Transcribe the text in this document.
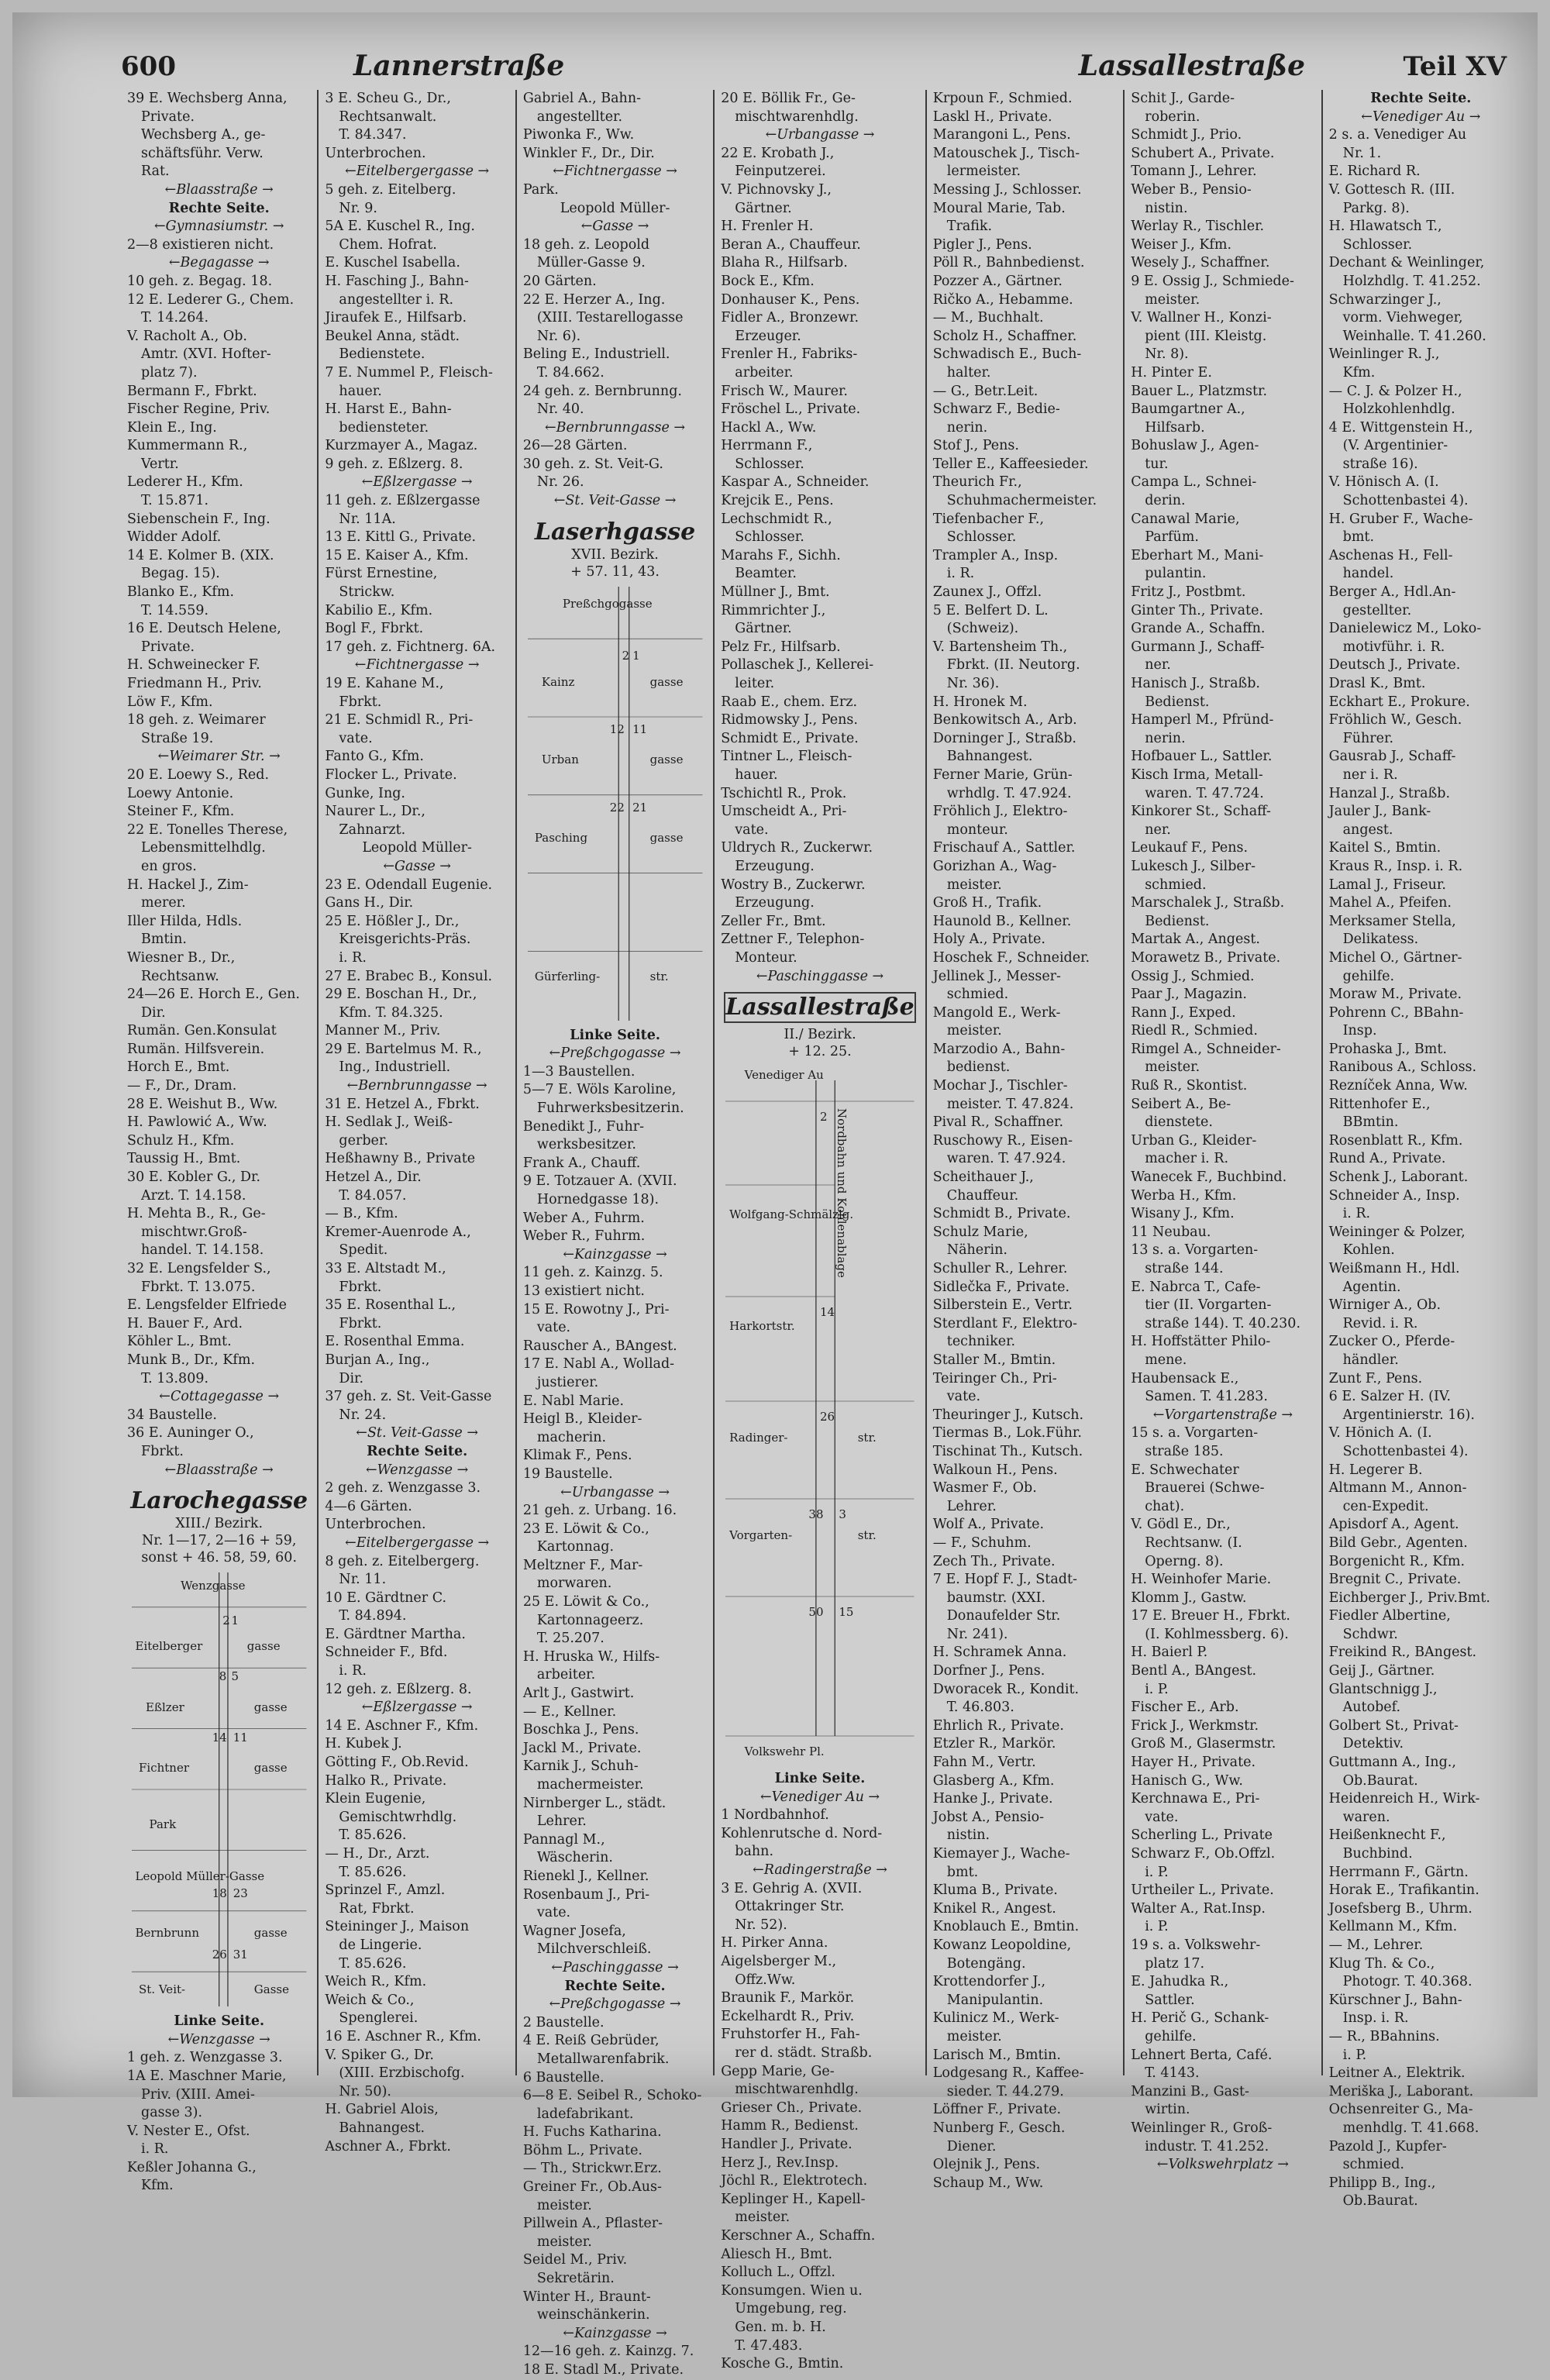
600	Lannerstraße	Lassallestraße	Teil XV
39 E. Wechsberg Anna,
Private.
Wechsberg A., ge-
schäftsführ. Verw.
Rat.
← Blaasstraße →
Rechte Seite.
← Gymnasiumstr. →
2—8 existieren nicht.
← Begagasse →
10 geh. z. Begag. 18.
12 E. Lederer G., Chem.
T. 14.264.
V. Racholt A., Ob.
Amtr. (XVI. Hofter-
platz 7).
Bermann F., Fbrkt.
Fischer Regine, Priv.
Klein E., Ing.
Kummermann R.,
Vertr.
Lederer H., Kfm.
T. 15.871.
Siebenschein F., Ing.
Widder Adolf.
14 E. Kolmer B. (XIX.
Begag. 15).
Blanko E., Kfm.
T. 14.559.
16 E. Deutsch Helene,
Private.
H. Schweinecker F.
Friedmann H., Priv.
Löw F., Kfm.
18 geh. z. Weimarer
Straße 19.
← Weimarer Str. →
20 E. Loewy S., Red.
Loewy Antonie.
Steiner F., Kfm.
22 E. Tonelles Therese,
Lebensmittelhdlg.
en gros.
H. Hackel J., Zim-
merer.
Iller Hilda, Hdls.
Bmtin.
Wiesner B., Dr.,
Rechtsanw.
24—26 E. Horch E., Gen.
Dir.
Rumän. Gen.Konsulat
Rumän. Hilfsverein.
Horch E., Bmt.
— F., Dr., Dram.
28 E. Weishut B., Ww.
H. Pawlowić A., Ww.
Schulz H., Kfm.
Taussig H., Bmt.
30 E. Kobler G., Dr.
Arzt. T. 14.158.
H. Mehta B., R., Ge-
mischtwr.Groß-
handel. T. 14.158.
32 E. Lengsfelder S.,
Fbrkt. T. 13.075.
E. Lengsfelder Elfriede
H. Bauer F., Ard.
Köhler L., Bmt.
Munk B., Dr., Kfm.
T. 13.809.
← Cottagegasse →
34 Baustelle.
36 E. Auninger O.,
Fbrkt.
← Blaasstraße →
Larochegasse
XIII./ Bezirk.
Nr. 1—17, 2—16 + 59,
sonst + 46. 58, 59, 60.
Wenzgasse
2 1
Eitelberger	gasse
8 5
Eßlzer	gasse
14 11
Fichtner	gasse
Park
Leopold Müller-Gasse
18 23
Bernbrunn	gasse
26 31
St. Veit-	Gasse
Linke Seite.
← Wenzgasse →
1 geh. z. Wenzgasse 3.
1A E. Maschner Marie,
Priv. (XIII. Amei-
gasse 3).
V. Nester E., Ofst.
i. R.
Keßler Johanna G.,
Kfm.
3 E. Scheu G., Dr.,
Rechtsanwalt.
T. 84.347.
Unterbrochen.
← Eitelbergergasse →
5 geh. z. Eitelberg.
Nr. 9.
5A E. Kuschel R., Ing.
Chem. Hofrat.
E. Kuschel Isabella.
H. Fasching J., Bahn-
angestellter i. R.
Jiraufek E., Hilfsarb.
Beukel Anna, städt.
Bedienstete.
7 E. Nummel P., Fleisch-
hauer.
H. Harst E., Bahn-
bediensteter.
Kurzmayer A., Magaz.
9 geh. z. Eßlzerg. 8.
← Eßlzergasse →
11 geh. z. Eßlzergasse
Nr. 11A.
13 E. Kittl G., Private.
15 E. Kaiser A., Kfm.
Fürst Ernestine,
Strickw.
Kabilio E., Kfm.
Bogl F., Fbrkt.
17 geh. z. Fichtnerg. 6A.
← Fichtnergasse →
19 E. Kahane M.,
Fbrkt.
21 E. Schmidl R., Pri-
vate.
Fanto G., Kfm.
Flocker L., Private.
Gunke, Ing.
Naurer L., Dr.,
Zahnarzt.
Leopold Müller-
← Gasse →
23 E. Odendall Eugenie.
Gans H., Dir.
25 E. Hößler J., Dr.,
Kreisgerichts-Präs.
i. R.
27 E. Brabec B., Konsul.
29 E. Boschan H., Dr.,
Kfm. T. 84.325.
Manner M., Priv.
29 E. Bartelmus M. R.,
Ing., Industriell.
← Bernbrunngasse →
31 E. Hetzel A., Fbrkt.
H. Sedlak J., Weiß-
gerber.
Heßhawny B., Private
Hetzel A., Dir.
T. 84.057.
— B., Kfm.
Kremer-Auenrode A.,
Spedit.
33 E. Altstadt M.,
Fbrkt.
35 E. Rosenthal L.,
Fbrkt.
E. Rosenthal Emma.
Burjan A., Ing.,
Dir.
37 geh. z. St. Veit-Gasse
Nr. 24.
← St. Veit-Gasse →
Rechte Seite.
← Wenzgasse →
2 geh. z. Wenzgasse 3.
4—6 Gärten.
Unterbrochen.
← Eitelbergergasse →
8 geh. z. Eitelbergerg.
Nr. 11.
10 E. Gärdtner C.
T. 84.894.
E. Gärdtner Martha.
Schneider F., Bfd.
i. R.
12 geh. z. Eßlzerg. 8.
← Eßlzergasse →
14 E. Aschner F., Kfm.
H. Kubek J.
Götting F., Ob.Revid.
Halko R., Private.
Klein Eugenie,
Gemischtwrhdlg.
T. 85.626.
— H., Dr., Arzt.
T. 85.626.
Sprinzel F., Amzl.
Rat, Fbrkt.
Steininger J., Maison
de Lingerie.
T. 85.626.
Weich R., Kfm.
Weich & Co.,
Spenglerei.
16 E. Aschner R., Kfm.
V. Spiker G., Dr.
(XIII. Erzbischofg.
Nr. 50).
H. Gabriel Alois,
Bahnangest.
Aschner A., Fbrkt.
Gabriel A., Bahn-
angestellter.
Piwonka F., Ww.
Winkler F., Dr., Dir.
← Fichtnergasse →
Park.
Leopold Müller-
← Gasse →
18 geh. z. Leopold
Müller-Gasse 9.
20 Gärten.
22 E. Herzer A., Ing.
(XIII. Testarellogasse
Nr. 6).
Beling E., Industriell.
T. 84.662.
24 geh. z. Bernbrunng.
Nr. 40.
← Bernbrunngasse →
26—28 Gärten.
30 geh. z. St. Veit-G.
Nr. 26.
← St. Veit-Gasse →
Laserhgasse
XVII. Bezirk.
+ 57. 11, 43.
Preßchgogasse
2 1
Kainz	gasse
12 11
Urban	gasse
22 21
Pasching	gasse
Gürferling-	str.
Linke Seite.
← Preßchgogasse →
1—3 Baustellen.
5—7 E. Wöls Karoline,
Fuhrwerksbesitzerin.
Benedikt J., Fuhr-
werksbesitzer.
Frank A., Chauff.
9 E. Totzauer A. (XVII.
Hornedgasse 18).
Weber A., Fuhrm.
Weber R., Fuhrm.
← Kainzgasse →
11 geh. z. Kainzg. 5.
13 existiert nicht.
15 E. Rowotny J., Pri-
vate.
Rauscher A., BAngest.
17 E. Nabl A., Wollad-
justierer.
E. Nabl Marie.
Heigl B., Kleider-
macherin.
Klimak F., Pens.
19 Baustelle.
← Urbangasse →
21 geh. z. Urbang. 16.
23 E. Löwit & Co.,
Kartonnag.
Meltzner F., Mar-
morwaren.
25 E. Löwit & Co.,
Kartonnageerz.
T. 25.207.
H. Hruska W., Hilfs-
arbeiter.
Arlt J., Gastwirt.
— E., Kellner.
Boschka J., Pens.
Jackl M., Private.
Karnik J., Schuh-
machermeister.
Nirnberger L., städt.
Lehrer.
Pannagl M.,
Wäscherin.
Rienekl J., Kellner.
Rosenbaum J., Pri-
vate.
Wagner Josefa,
Milchverschleiß.
← Paschinggasse →
Rechte Seite.
← Preßchgogasse →
2 Baustelle.
4 E. Reiß Gebrüder,
Metallwarenfabrik.
6 Baustelle.
6—8 E. Seibel R., Schoko-
ladefabrikant.
H. Fuchs Katharina.
Böhm L., Private.
— Th., Strickwr.Erz.
Greiner Fr., Ob.Aus-
meister.
Pillwein A., Pflaster-
meister.
Seidel M., Priv.
Sekretärin.
Winter H., Braunt-
weinschänkerin.
← Kainzgasse →
12—16 geh. z. Kainzg. 7.
18 E. Stadl M., Private.
20 E. Böllik Fr., Ge-
mischtwarenhdlg.
← Urbangasse →
22 E. Krobath J.,
Feinputzerei.
V. Pichnovsky J.,
Gärtner.
H. Frenler H.
Beran A., Chauffeur.
Blaha R., Hilfsarb.
Bock E., Kfm.
Donhauser K., Pens.
Fidler A., Bronzewr.
Erzeuger.
Frenler H., Fabriks-
arbeiter.
Frisch W., Maurer.
Fröschel L., Private.
Hackl A., Ww.
Herrmann F.,
Schlosser.
Kaspar A., Schneider.
Krejcik E., Pens.
Lechschmidt R.,
Schlosser.
Marahs F., Sichh.
Beamter.
Müllner J., Bmt.
Rimmrichter J.,
Gärtner.
Pelz Fr., Hilfsarb.
Pollaschek J., Kellerei-
leiter.
Raab E., chem. Erz.
Ridmowsky J., Pens.
Schmidt E., Private.
Tintner L., Fleisch-
hauer.
Tschichtl R., Prok.
Umscheidt A., Pri-
vate.
Uldrych R., Zuckerwr.
Erzeugung.
Wostry B., Zuckerwr.
Erzeugung.
Zeller Fr., Bmt.
Zettner F., Telephon-
Monteur.
← Paschinggasse →
Lassallestraße
II./ Bezirk.
+ 12. 25.
Venediger Au
2
Wolfgang-Schmälzlg.
14
Harkortstr.
26
Radinger-	str.
38 3
Vorgarten-	str.
50 15
Volkswehr Pl.
Nordbahn und Kohlenablage
Linke Seite.
← Venediger Au →
1 Nordbahnhof.
Kohlenrutsche d. Nord-
bahn.
← Radingerstraße →
3 E. Gehrig A. (XVII.
Ottakringer Str.
Nr. 52).
H. Pirker Anna.
Aigelsberger M.,
Offz.Ww.
Braunik F., Markör.
Eckelhardt R., Priv.
Fruhstorfer H., Fah-
rer d. städt. Straßb.
Gepp Marie, Ge-
mischtwarenhdlg.
Grieser Ch., Private.
Hamm R., Bedienst.
Handler J., Private.
Herz J., Rev.Insp.
Jöchl R., Elektrotech.
Keplinger H., Kapell-
meister.
Kerschner A., Schaffn.
Aliesch H., Bmt.
Kolluch L., Offzl.
Konsumgen. Wien u.
Umgebung, reg.
Gen. m. b. H.
T. 47.483.
Kosche G., Bmtin.
Krpoun F., Schmied.
Laskl H., Private.
Marangoni L., Pens.
Matouschek J., Tisch-
lermeister.
Messing J., Schlosser.
Moural Marie, Tab.
Trafik.
Pigler J., Pens.
Pöll R., Bahnbedienst.
Pozzer A., Gärtner.
Ričko A., Hebamme.
— M., Buchhalt.
Scholz H., Schaffner.
Schwadisch E., Buch-
halter.
— G., Betr.Leit.
Schwarz F., Bedie-
nerin.
Stof J., Pens.
Teller E., Kaffeesieder.
Theurich Fr.,
Schuhmachermeister.
Tiefenbacher F.,
Schlosser.
Trampler A., Insp.
i. R.
Zaunex J., Offzl.
5 E. Belfert D. L.
(Schweiz).
V. Bartensheim Th.,
Fbrkt. (II. Neutorg.
Nr. 36).
H. Hronek M.
Benkowitsch A., Arb.
Dorninger J., Straßb.
Bahnangest.
Ferner Marie, Grün-
wrhdlg. T. 47.924.
Fröhlich J., Elektro-
monteur.
Frischauf A., Sattler.
Gorizhan A., Wag-
meister.
Groß H., Trafik.
Haunold B., Kellner.
Holy A., Private.
Hoschek F., Schneider.
Jellinek J., Messer-
schmied.
Mangold E., Werk-
meister.
Marzodio A., Bahn-
bedienst.
Mochar J., Tischler-
meister. T. 47.824.
Pival R., Schaffner.
Ruschowy R., Eisen-
waren. T. 47.924.
Scheithauer J.,
Chauffeur.
Schmidt B., Private.
Schulz Marie,
Näherin.
Schuller R., Lehrer.
Sidlečka F., Private.
Silberstein E., Vertr.
Sterdlant F., Elektro-
techniker.
Staller M., Bmtin.
Teiringer Ch., Pri-
vate.
Theuringer J., Kutsch.
Tiermas B., Lok.Führ.
Tischinat Th., Kutsch.
Walkoun H., Pens.
Wasmer F., Ob.
Lehrer.
Wolf A., Private.
— F., Schuhm.
Zech Th., Private.
7 E. Hopf F. J., Stadt-
baumstr. (XXI.
Donaufelder Str.
Nr. 241).
H. Schramek Anna.
Dorfner J., Pens.
Dworacek R., Kondit.
T. 46.803.
Ehrlich R., Private.
Etzler R., Markör.
Fahn M., Vertr.
Glasberg A., Kfm.
Hanke J., Private.
Jobst A., Pensio-
nistin.
Kiemayer J., Wache-
bmt.
Kluma B., Private.
Knikel R., Angest.
Knoblauch E., Bmtin.
Kowanz Leopoldine,
Botengäng.
Krottendorfer J.,
Manipulantin.
Kulinicz M., Werk-
meister.
Larisch M., Bmtin.
Lodgesang R., Kaffee-
sieder. T. 44.279.
Löffner F., Private.
Nunberg F., Gesch.
Diener.
Olejnik J., Pens.
Schaup M., Ww.
Schit J., Garde-
roberin.
Schmidt J., Prio.
Schubert A., Private.
Tomann J., Lehrer.
Weber B., Pensio-
nistin.
Werlay R., Tischler.
Weiser J., Kfm.
Wesely J., Schaffner.
9 E. Ossig J., Schmiede-
meister.
V. Wallner H., Konzi-
pient (III. Kleistg.
Nr. 8).
H. Pinter E.
Bauer L., Platzmstr.
Baumgartner A.,
Hilfsarb.
Bohuslaw J., Agen-
tur.
Campa L., Schnei-
derin.
Canawal Marie,
Parfüm.
Eberhart M., Mani-
pulantin.
Fritz J., Postbmt.
Ginter Th., Private.
Grande A., Schaffn.
Gurmann J., Schaff-
ner.
Hanisch J., Straßb.
Bedienst.
Hamperl M., Pfründ-
nerin.
Hofbauer L., Sattler.
Kisch Irma, Metall-
waren. T. 47.724.
Kinkorer St., Schaff-
ner.
Leukauf F., Pens.
Lukesch J., Silber-
schmied.
Marschalek J., Straßb.
Bedienst.
Martak A., Angest.
Morawetz B., Private.
Ossig J., Schmied.
Paar J., Magazin.
Rann J., Exped.
Riedl R., Schmied.
Rimgel A., Schneider-
meister.
Ruß R., Skontist.
Seibert A., Be-
dienstete.
Urban G., Kleider-
macher i. R.
Wanecek F., Buchbind.
Werba H., Kfm.
Wisany J., Kfm.
11 Neubau.
13 s. a. Vorgarten-
straße 144.
E. Nabrca T., Cafe-
tier (II. Vorgarten-
straße 144). T. 40.230.
H. Hoffstätter Philo-
mene.
Haubensack E.,
Samen. T. 41.283.
← Vorgartenstraße →
15 s. a. Vorgarten-
straße 185.
E. Schwechater
Brauerei (Schwe-
chat).
V. Gödl E., Dr.,
Rechtsanw. (I.
Operng. 8).
H. Weinhofer Marie.
Klomm J., Gastw.
17 E. Breuer H., Fbrkt.
(I. Kohlmessberg. 6).
H. Baierl P.
Bentl A., BAngest.
i. P.
Fischer E., Arb.
Frick J., Werkmstr.
Groß M., Glasermstr.
Hayer H., Private.
Hanisch G., Ww.
Kerchnawa E., Pri-
vate.
Scherling L., Private
Schwarz F., Ob.Offzl.
i. P.
Urtheiler L., Private.
Walter A., Rat.Insp.
i. P.
19 s. a. Volkswehr-
platz 17.
E. Jahudka R.,
Sattler.
H. Perič G., Schank-
gehilfe.
Lehnert Berta, Café.
T. 4143.
Manzini B., Gast-
wirtin.
Weinlinger R., Groß-
industr. T. 41.252.
← Volkswehrplatz →
Rechte Seite.
← Venediger Au →
2 s. a. Venediger Au
Nr. 1.
E. Richard R.
V. Gottesch R. (III.
Parkg. 8).
H. Hlawatsch T.,
Schlosser.
Dechant & Weinlinger,
Holzhdlg. T. 41.252.
Schwarzinger J.,
vorm. Viehweger,
Weinhalle. T. 41.260.
Weinlinger R. J.,
Kfm.
— C. J. & Polzer H.,
Holzkohlenhdlg.
4 E. Wittgenstein H.,
(V. Argentinier-
straße 16).
V. Hönisch A. (I.
Schottenbastei 4).
H. Gruber F., Wache-
bmt.
Aschenas H., Fell-
handel.
Berger A., Hdl.An-
gestellter.
Danielewicz M., Loko-
motivführ. i. R.
Deutsch J., Private.
Drasl K., Bmt.
Eckhart E., Prokure.
Fröhlich W., Gesch.
Führer.
Gausrab J., Schaff-
ner i. R.
Hanzal J., Straßb.
Jauler J., Bank-
angest.
Kaitel S., Bmtin.
Kraus R., Insp. i. R.
Lamal J., Friseur.
Mahel A., Pfeifen.
Merksamer Stella,
Delikatess.
Michel O., Gärtner-
gehilfe.
Moraw M., Private.
Pohrenn C., BBahn-
Insp.
Prohaska J., Bmt.
Ranibous A., Schloss.
Rezníček Anna, Ww.
Rittenhofer E.,
BBmtin.
Rosenblatt R., Kfm.
Rund A., Private.
Schenk J., Laborant.
Schneider A., Insp.
i. R.
Weininger & Polzer,
Kohlen.
Weißmann H., Hdl.
Agentin.
Wirniger A., Ob.
Revid. i. R.
Zucker O., Pferde-
händler.
Zunt F., Pens.
6 E. Salzer H. (IV.
Argentinierstr. 16).
V. Hönich A. (I.
Schottenbastei 4).
H. Legerer B.
Altmann M., Annon-
cen-Expedit.
Apisdorf A., Agent.
Bild Gebr., Agenten.
Borgenicht R., Kfm.
Bregnit C., Private.
Eichberger J., Priv.Bmt.
Fiedler Albertine,
Schdwr.
Freikind R., BAngest.
Geij J., Gärtner.
Glantschnigg J.,
Autobef.
Golbert St., Privat-
Detektiv.
Guttmann A., Ing.,
Ob.Baurat.
Heidenreich H., Wirk-
waren.
Heißenknecht F.,
Buchbind.
Herrmann F., Gärtn.
Horak E., Trafikantin.
Josefsberg B., Uhrm.
Kellmann M., Kfm.
— M., Lehrer.
Klug Th. & Co.,
Photogr. T. 40.368.
Kürschner J., Bahn-
Insp. i. R.
— R., BBahnins.
i. P.
Leitner A., Elektrik.
Meriška J., Laborant.
Ochsenreiter G., Ma-
menhdlg. T. 41.668.
Pazold J., Kupfer-
schmied.
Philipp B., Ing.,
Ob.Baurat.
